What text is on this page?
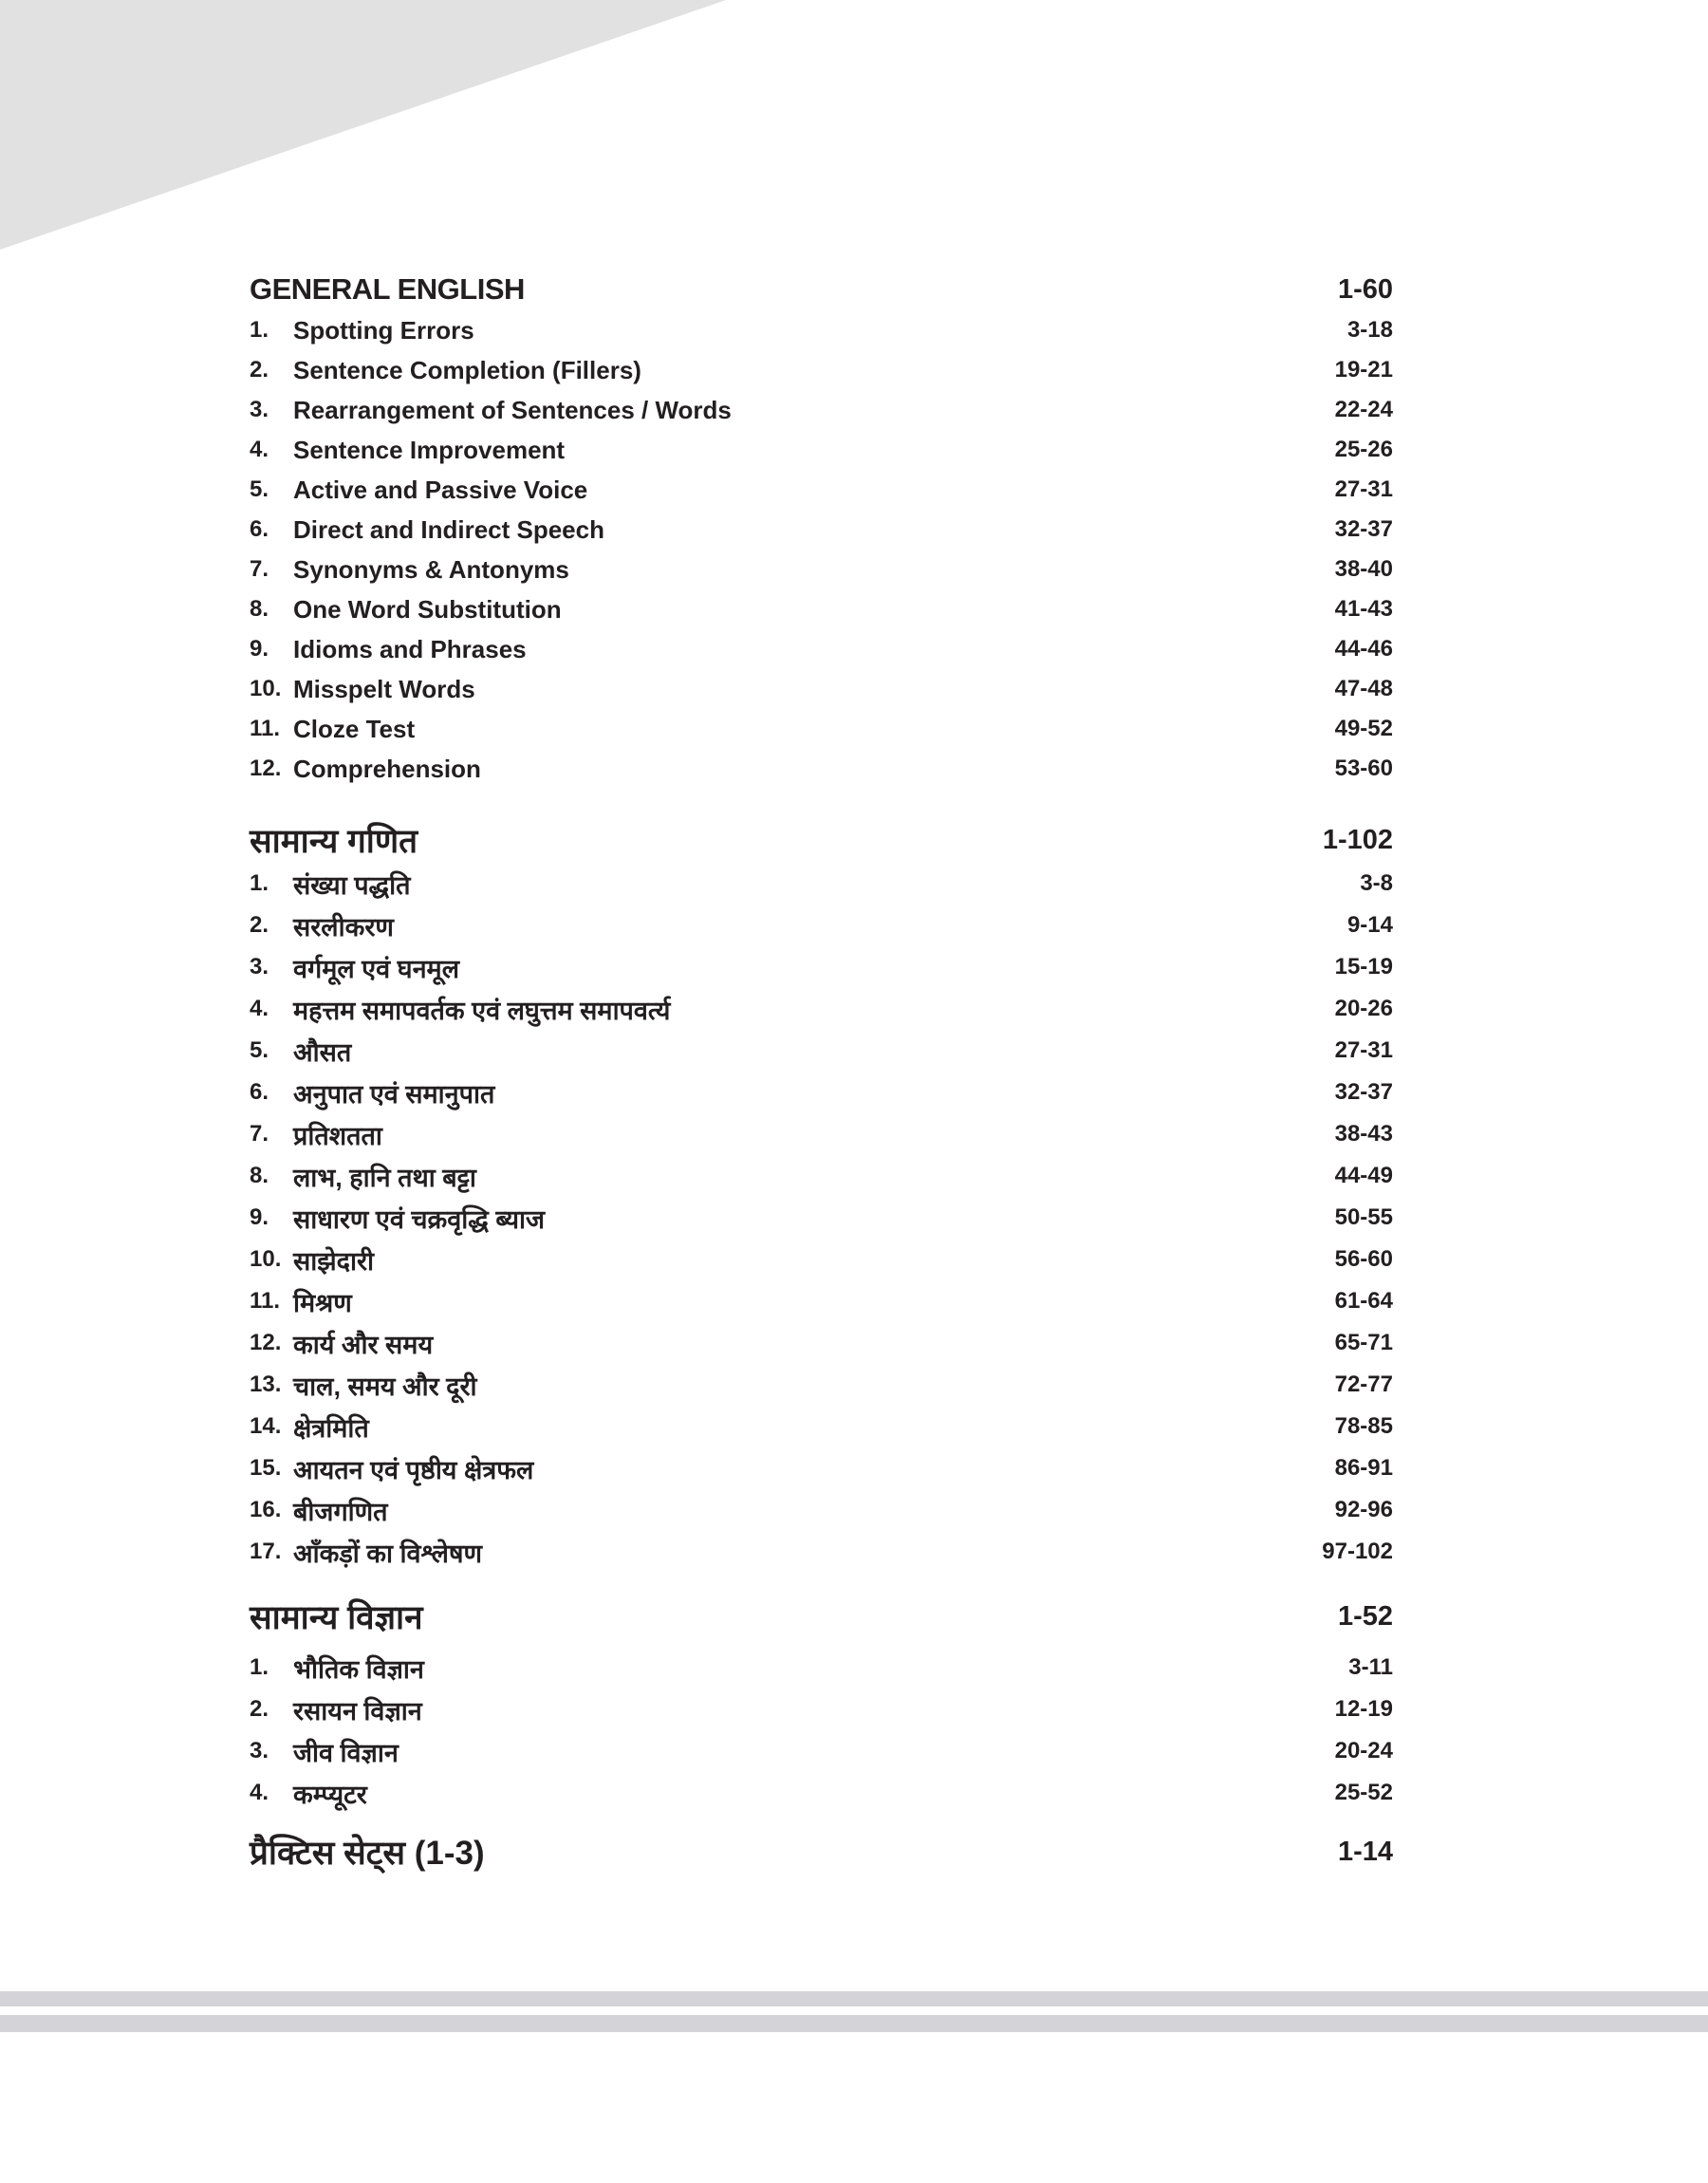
GENERAL ENGLISH	1-60
1. Spotting Errors	3-18
2. Sentence Completion (Fillers)	19-21
3. Rearrangement of Sentences / Words	22-24
4. Sentence Improvement	25-26
5. Active and Passive Voice	27-31
6. Direct and Indirect Speech	32-37
7. Synonyms & Antonyms	38-40
8. One Word Substitution	41-43
9. Idioms and Phrases	44-46
10. Misspelt Words	47-48
11. Cloze Test	49-52
12. Comprehension	53-60
सामान्य गणित	1-102
1. संख्या पद्धति	3-8
2. सरलीकरण	9-14
3. वर्गमूल एवं घनमूल	15-19
4. महत्तम समापवर्तक एवं लघुत्तम समापवर्त्य	20-26
5. औसत	27-31
6. अनुपात एवं समानुपात	32-37
7. प्रतिशतता	38-43
8. लाभ, हानि तथा बट्टा	44-49
9. साधारण एवं चक्रवृद्धि ब्याज	50-55
10. साझेदारी	56-60
11. मिश्रण	61-64
12. कार्य और समय	65-71
13. चाल, समय और दूरी	72-77
14. क्षेत्रमिति	78-85
15. आयतन एवं पृष्ठीय क्षेत्रफल	86-91
16. बीजगणित	92-96
17. आँकड़ों का विश्लेषण	97-102
सामान्य विज्ञान	1-52
1. भौतिक विज्ञान	3-11
2. रसायन विज्ञान	12-19
3. जीव विज्ञान	20-24
4. कम्प्यूटर	25-52
प्रैक्टिस सेट्स (1-3)	1-14
